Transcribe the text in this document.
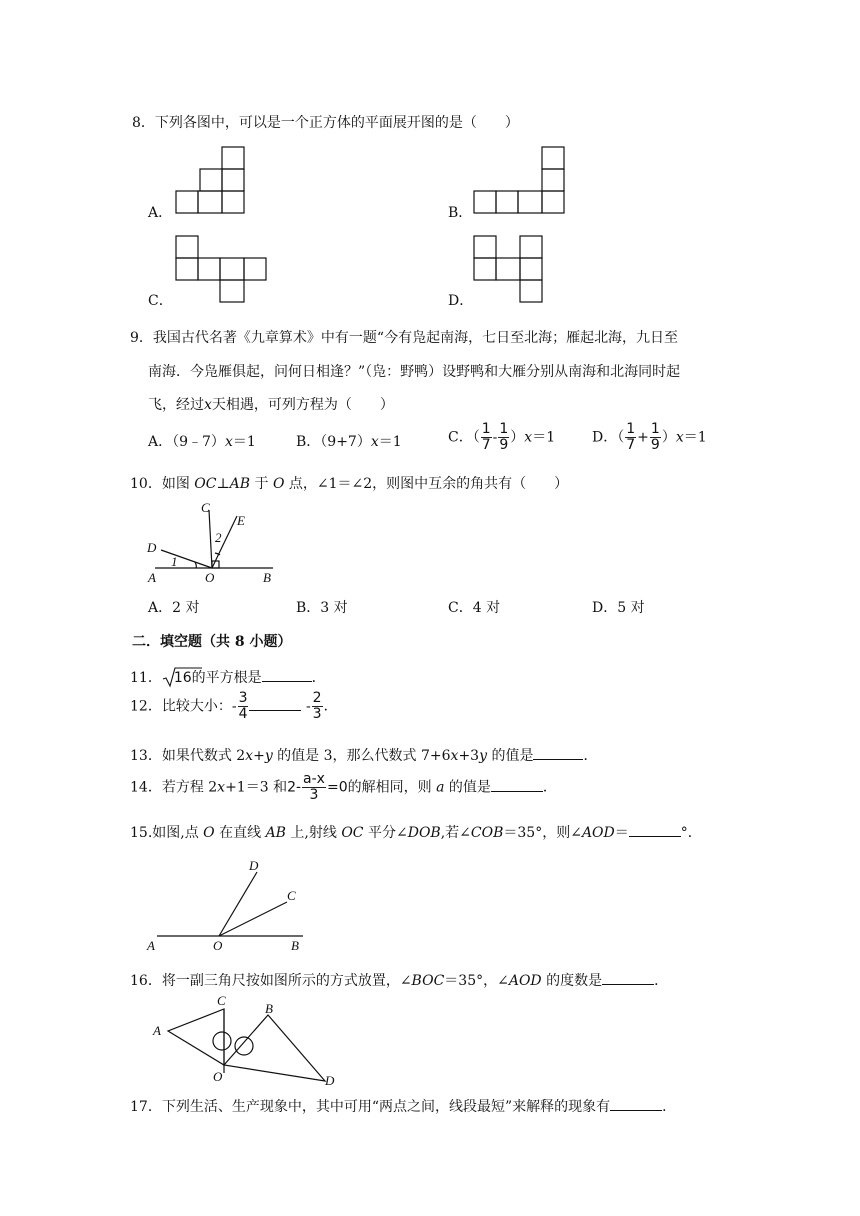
8．下列各图中，可以是一个正方体的平面展开图的是（　　）
A．	B．
C．	D．
9．我国古代名著《九章算术》中有一题“今有凫起南海，七日至北海；雁起北海，九日至
南海．今凫雁俱起，问何日相逢？”（凫：野鸭）设野鸭和大雁分别从南海和北海同时起
飞，经过x天相遇，可列方程为（　　）
A．（9﹣7）x＝1	B．（9+7）x＝1	C．（ $\frac{1}{7} - \frac{1}{9} )x=1$	D．（ $\frac{1}{7} + \frac{1}{9} )x=1$
10．如图 OC⊥AB 于 O 点，∠1＝∠2，则图中互余的角共有（　　）
C
E
D
A	O	B
1
2
A．2 对	B．3 对	C．4 对	D．5 对
二．填空题（共 8 小题）
11． 16的平方根是	．
12．比较大小：- $\frac{3}{4}$	- $\frac{2}{3}$ ．
13．如果代数式 2x+y 的值是 3，那么代数式 7+6x+3y 的值是	．
14．若方程 2x+1＝3 和$2- \frac{a-x}{3} =0$的解相同，则 a 的值是	．
15.如图,点 O 在直线 AB 上,射线 OC 平分∠DOB,若∠COB＝35°，则∠AOD＝	°．
D
C
A	O	B
16．将一副三角尺按如图所示的方式放置，∠BOC＝35°，∠AOD 的度数是	．
C
B
A
O	D
17．下列生活、生产现象中，其中可用“两点之间，线段最短”来解释的现象有	．
